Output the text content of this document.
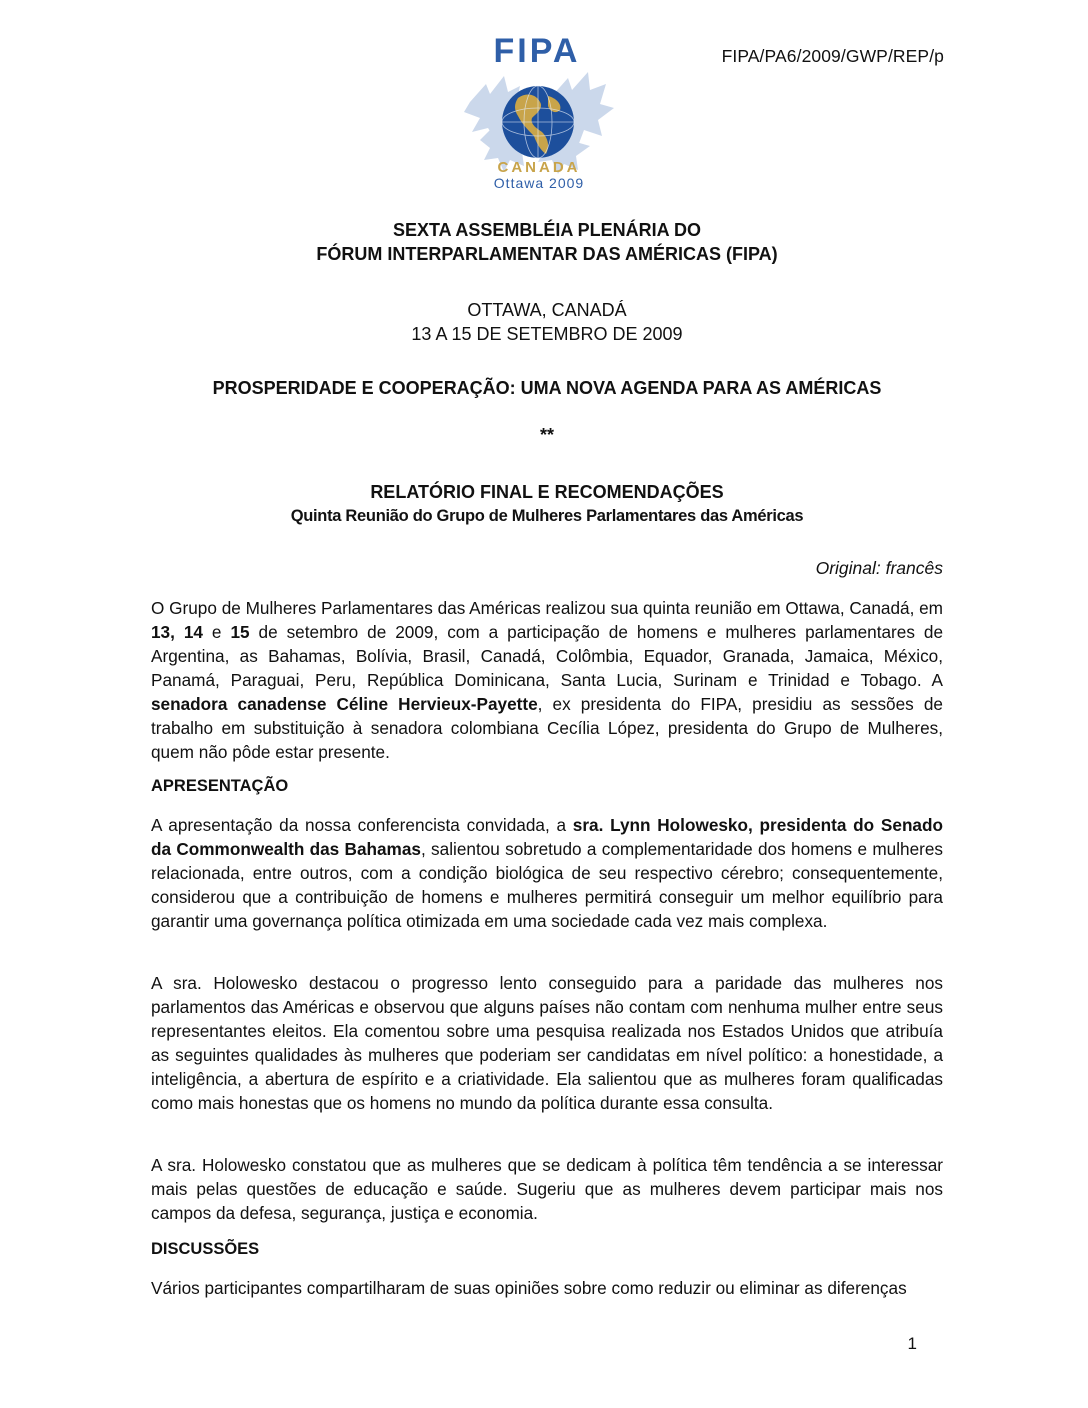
FIPA/PA6/2009/GWP/REP/p
FIPA
CANADA
Ottawa 2009
SEXTA ASSEMBLÉIA PLENÁRIA DO
FÓRUM INTERPARLAMENTAR DAS AMÉRICAS (FIPA)
OTTAWA, CANADÁ
13 A 15 DE SETEMBRO DE 2009
PROSPERIDADE E COOPERAÇÃO: UMA NOVA AGENDA PARA AS AMÉRICAS
**
RELATÓRIO FINAL E RECOMENDAÇÕES
Quinta Reunião do Grupo de Mulheres Parlamentares das Américas
Original: francês

O Grupo de Mulheres Parlamentares das Américas realizou sua quinta reunião em Ottawa, Canadá, em 13, 14 e 15 de setembro de 2009, com a participação de homens e mulheres parlamentares de Argentina, as Bahamas, Bolívia, Brasil, Canadá, Colômbia, Equador, Granada, Jamaica, México, Panamá, Paraguai, Peru, República Dominicana, Santa Lucia, Surinam e Trinidad e Tobago. A senadora canadense Céline Hervieux-Payette, ex presidenta do FIPA, presidiu as sessões de trabalho em substituição à senadora colombiana Cecília López, presidenta do Grupo de Mulheres, quem não pôde estar presente.

APRESENTAÇÃO

A apresentação da nossa conferencista convidada, a sra. Lynn Holowesko, presidenta do Senado da Commonwealth das Bahamas, salientou sobretudo a complementaridade dos homens e mulheres relacionada, entre outros, com a condição biológica de seu respectivo cérebro; consequentemente, considerou que a contribuição de homens e mulheres permitirá conseguir um melhor equilíbrio para garantir uma governança política otimizada em uma sociedade cada vez mais complexa.

A sra. Holowesko destacou o progresso lento conseguido para a paridade das mulheres nos parlamentos das Américas e observou que alguns países não contam com nenhuma mulher entre seus representantes eleitos. Ela comentou sobre uma pesquisa realizada nos Estados Unidos que atribuía as seguintes qualidades às mulheres que poderiam ser candidatas em nível político: a honestidade, a inteligência, a abertura de espírito e a criatividade. Ela salientou que as mulheres foram qualificadas como mais honestas que os homens no mundo da política durante essa consulta.

A sra. Holowesko constatou que as mulheres que se dedicam à política têm tendência a se interessar mais pelas questões de educação e saúde. Sugeriu que as mulheres devem participar mais nos campos da defesa, segurança, justiça e economia.

DISCUSSÕES

Vários participantes compartilharam de suas opiniões sobre como reduzir ou eliminar as diferenças

1
